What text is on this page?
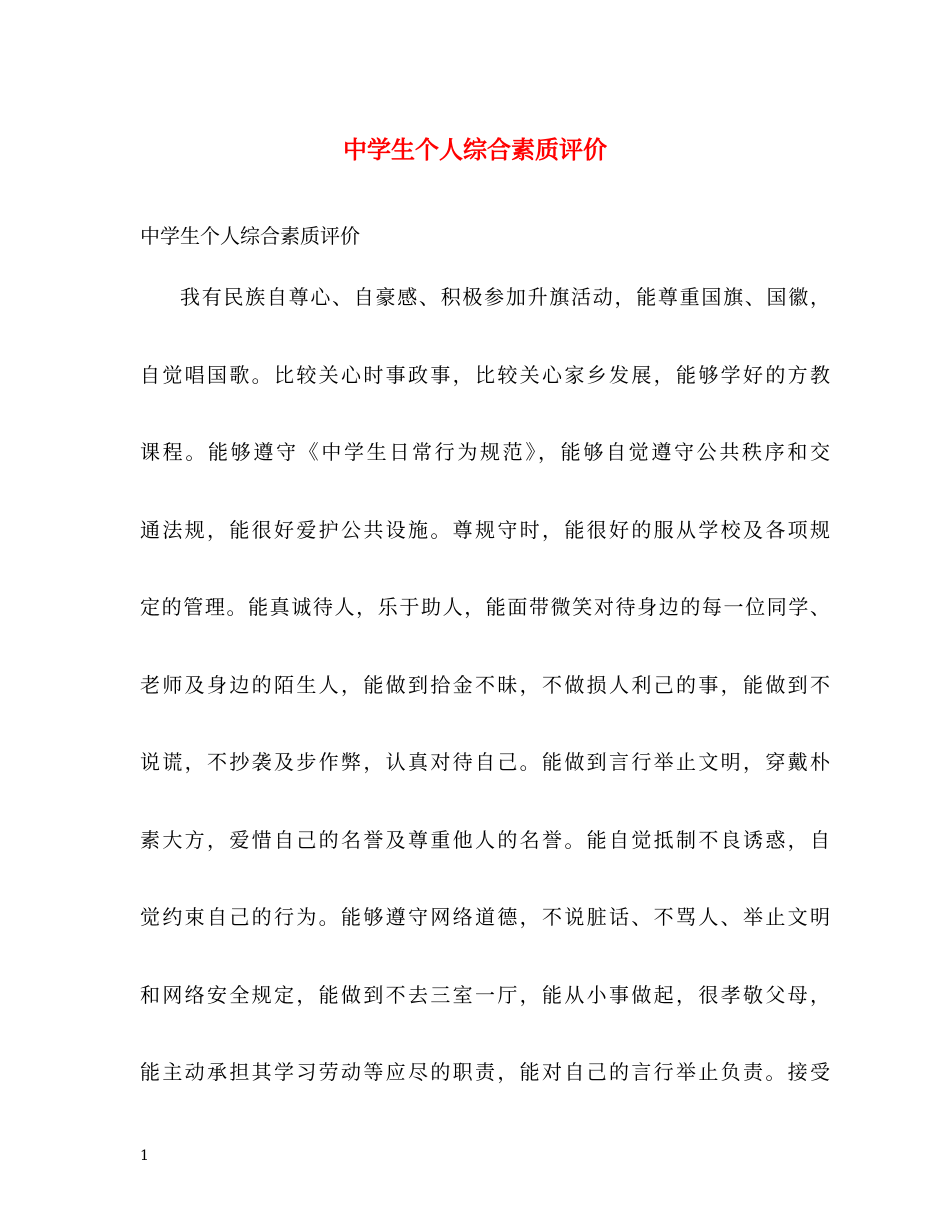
中学生个人综合素质评价
中学生个人综合素质评价
我有民族自尊心、自豪感、积极参加升旗活动，能尊重国旗、国徽，
自觉唱国歌。比较关心时事政事，比较关心家乡发展，能够学好的方教
课程。能够遵守《中学生日常行为规范》，能够自觉遵守公共秩序和交
通法规，能很好爱护公共设施。尊规守时，能很好的服从学校及各项规
定的管理。能真诚待人，乐于助人，能面带微笑对待身边的每一位同学、
老师及身边的陌生人，能做到拾金不昧，不做损人利己的事，能做到不
说谎，不抄袭及步作弊，认真对待自己。能做到言行举止文明，穿戴朴
素大方，爱惜自己的名誉及尊重他人的名誉。能自觉抵制不良诱惑，自
觉约束自己的行为。能够遵守网络道德，不说脏话、不骂人、举止文明
和网络安全规定，能做到不去三室一厅，能从小事做起，很孝敬父母，
能主动承担其学习劳动等应尽的职责，能对自己的言行举止负责。接受
1
